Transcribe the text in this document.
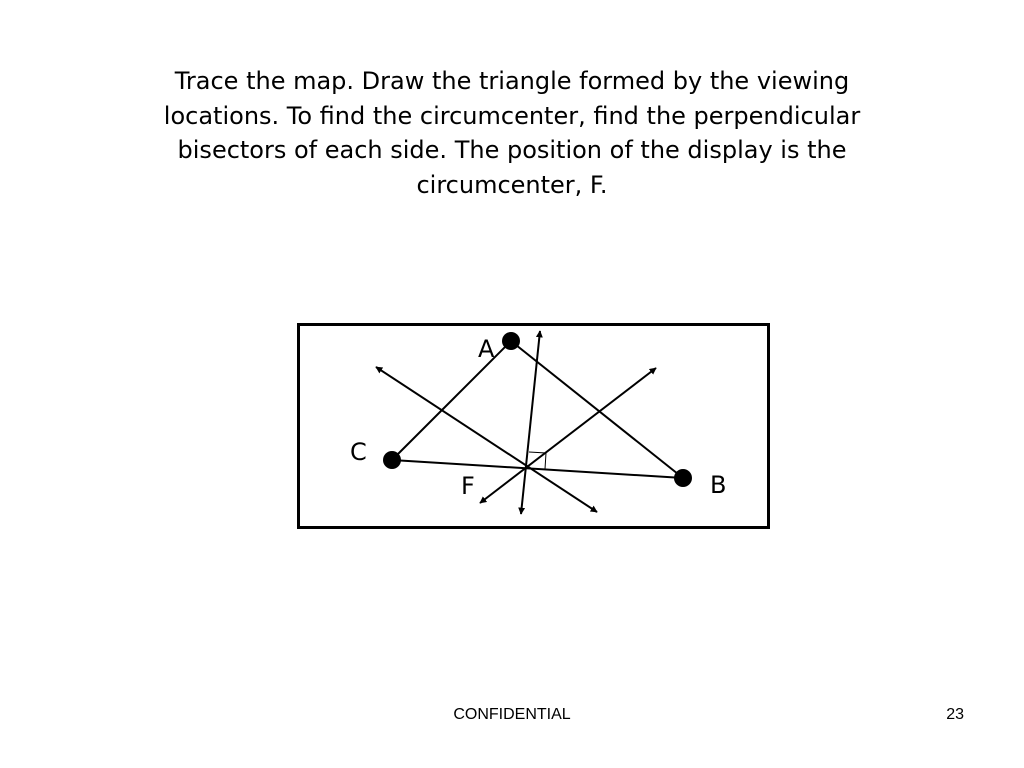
Trace the map. Draw the triangle formed by the viewing locations. To find the circumcenter, find the perpendicular bisectors of each side. The position of the display is the circumcenter, F.

A
C
F	B

CONFIDENTIAL	23
